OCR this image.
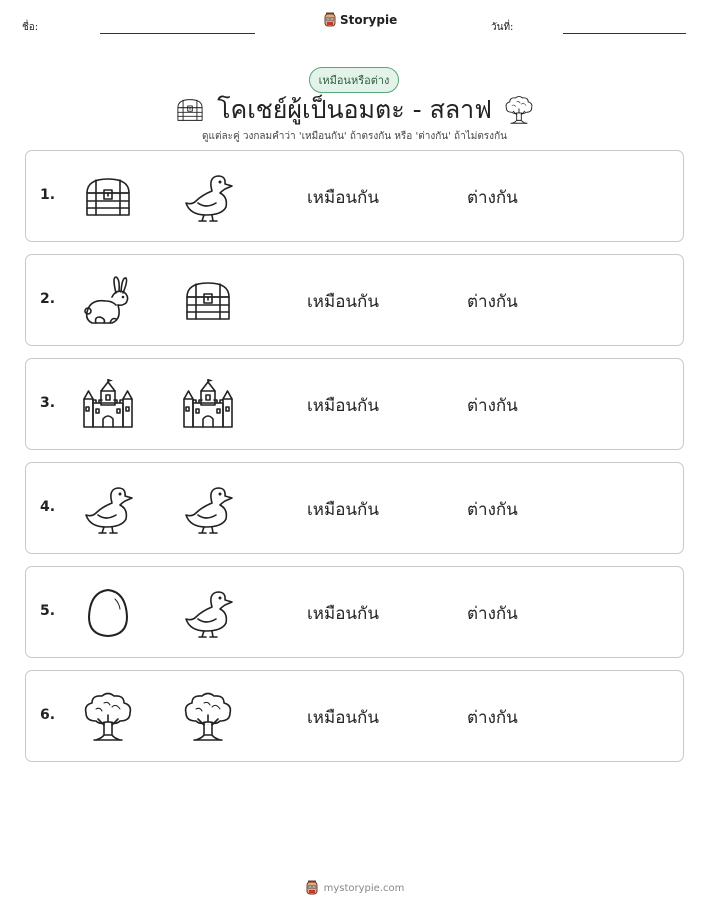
ชื่อ:
Storypie
วันที่:
เหมือนหรือต่าง
โคเชย์ผู้เป็นอมตะ - สลาฟ
ดูแต่ละคู่ วงกลมคำว่า 'เหมือนกัน' ถ้าตรงกัน หรือ 'ต่างกัน' ถ้าไม่ตรงกัน
1.	เหมือนกัน	ต่างกัน
2.	เหมือนกัน	ต่างกัน
3.	เหมือนกัน	ต่างกัน
4.	เหมือนกัน	ต่างกัน
5.	เหมือนกัน	ต่างกัน
6.	เหมือนกัน	ต่างกัน
mystorypie.com
